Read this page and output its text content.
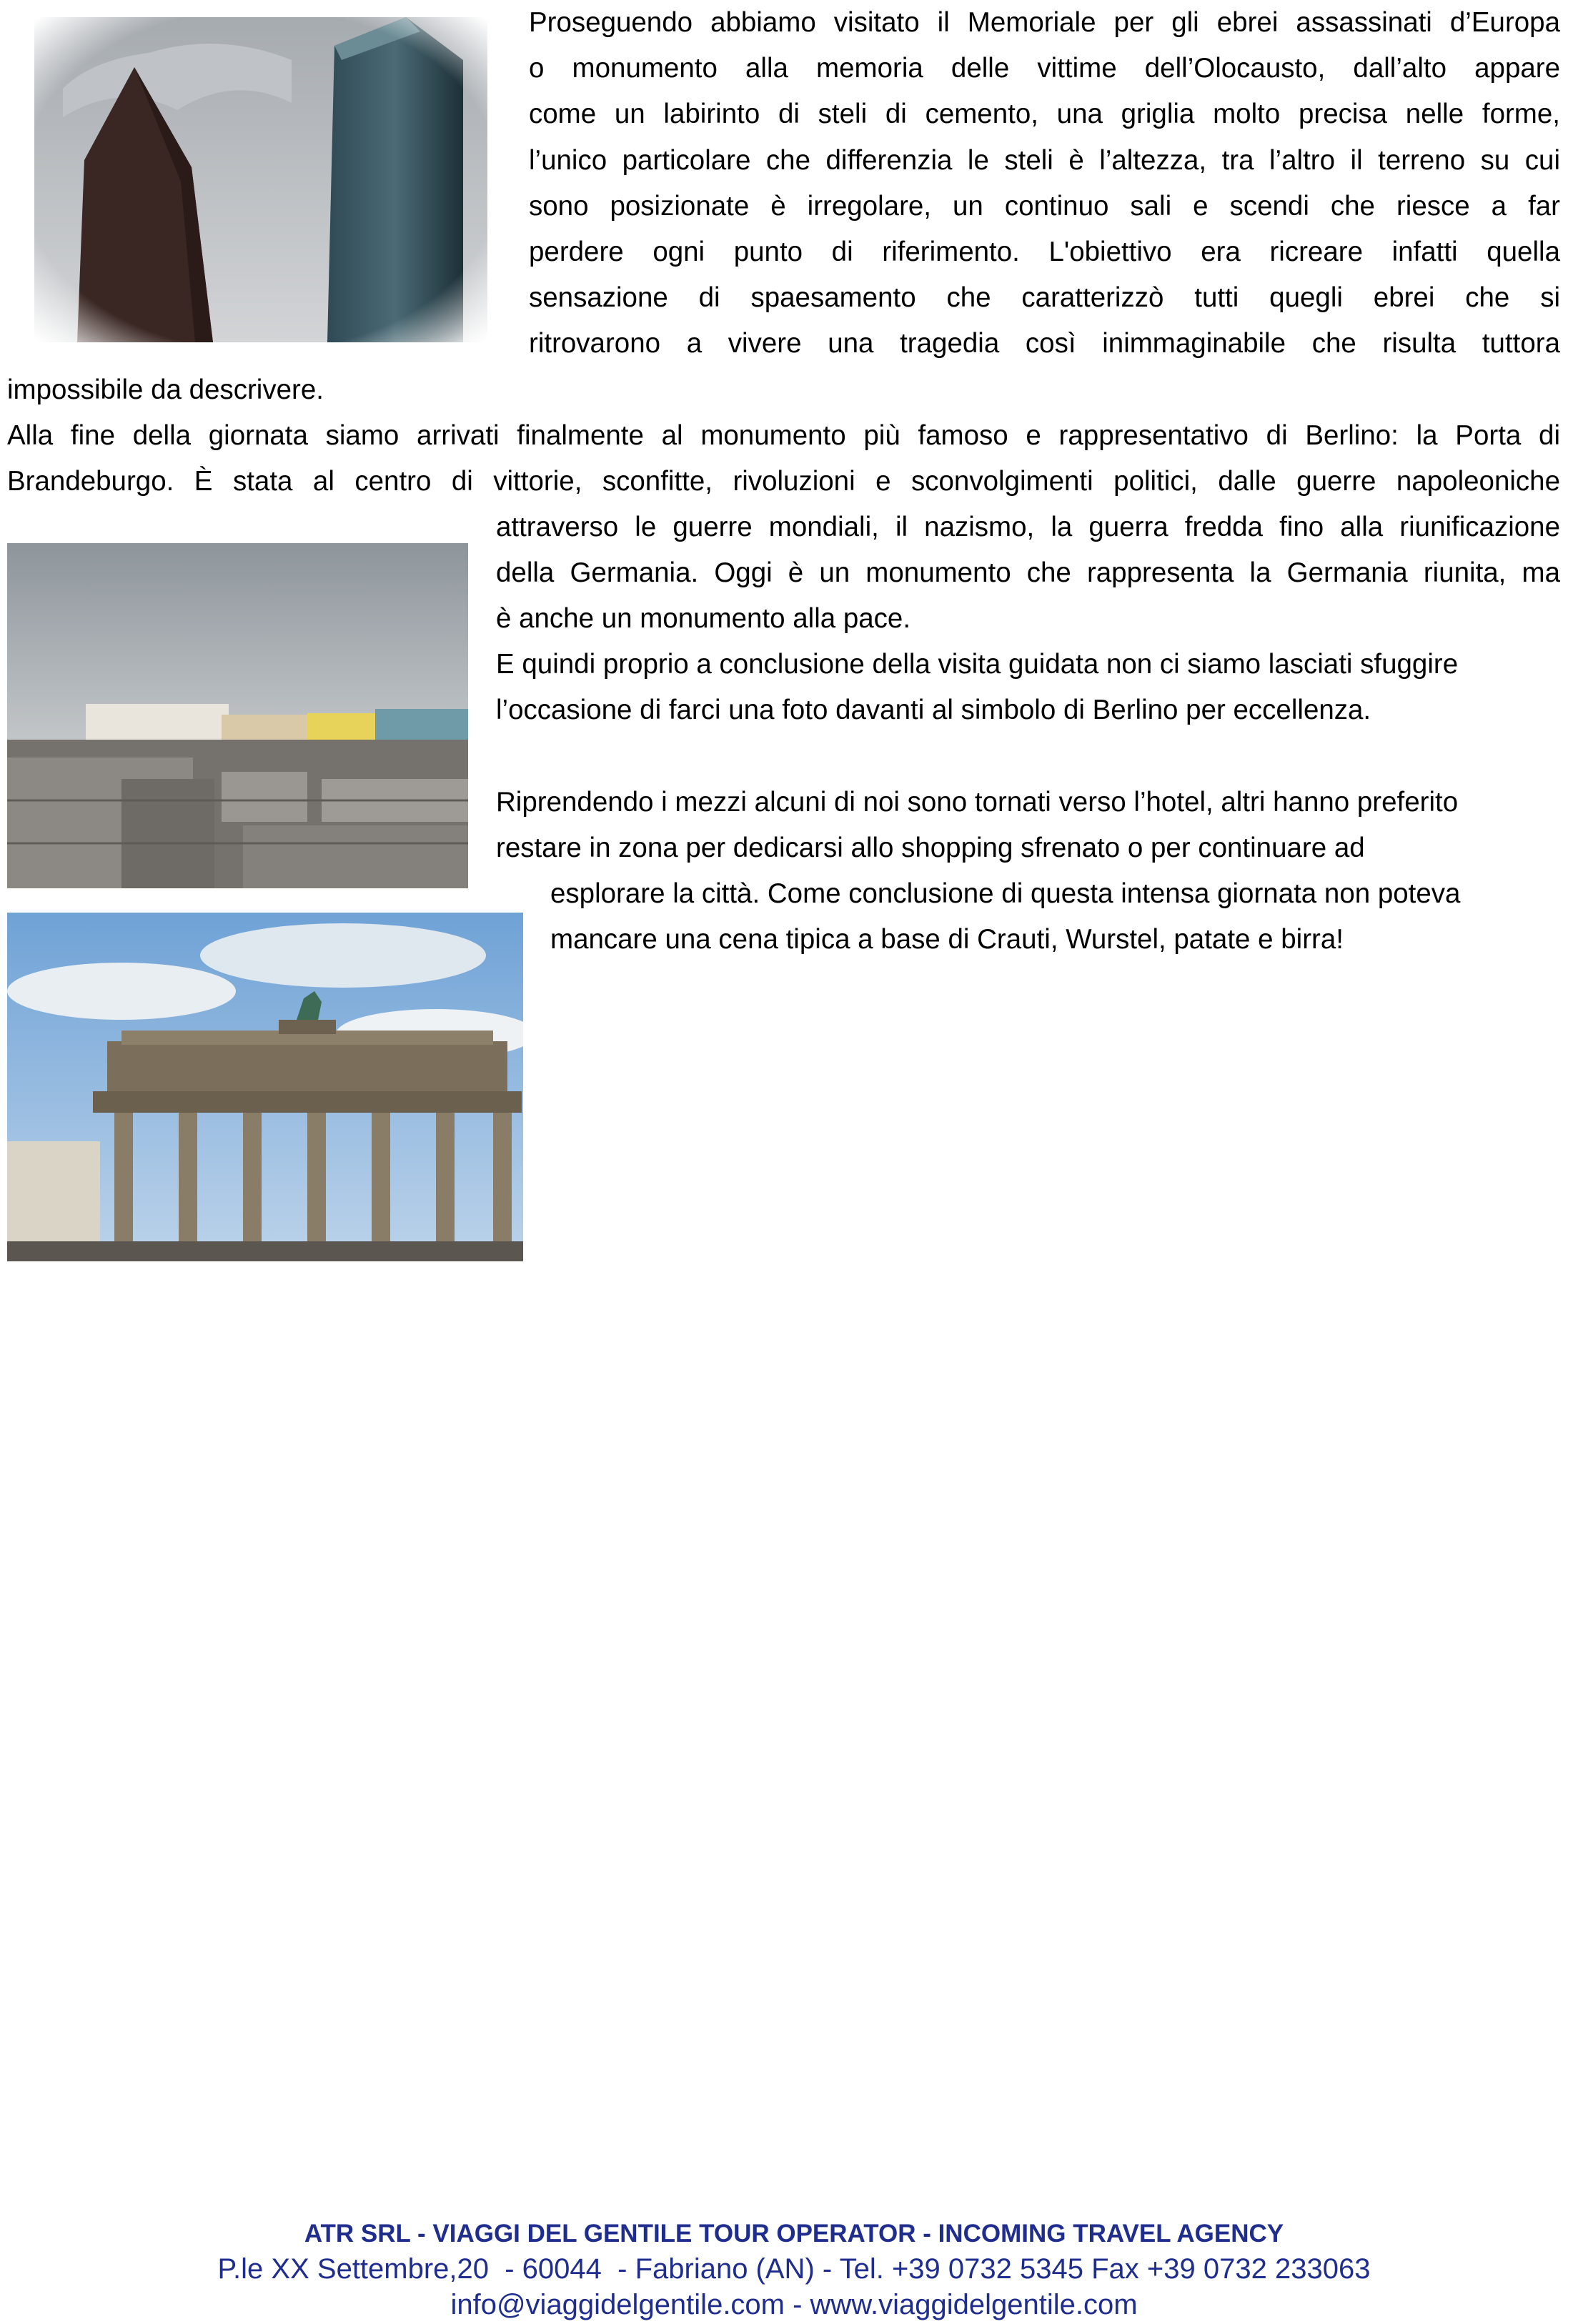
Proseguendo abbiamo visitato il Memoriale per gli ebrei assassinati d’Europa
o monumento alla memoria delle vittime dell’Olocausto, dall’alto appare
come un labirinto di steli di cemento, una griglia molto precisa nelle forme,
l’unico particolare che differenzia le steli è l’altezza, tra l’altro il terreno su cui
sono posizionate è irregolare, un continuo sali e scendi che riesce a far
perdere ogni punto di riferimento. L'obiettivo era ricreare infatti quella
sensazione di spaesamento che caratterizzò tutti quegli ebrei che si
ritrovarono a vivere una tragedia così inimmaginabile che risulta tuttora
impossibile da descrivere.
Alla fine della giornata siamo arrivati finalmente al monumento più famoso e rappresentativo di Berlino: la Porta di
Brandeburgo. È stata al centro di vittorie, sconfitte, rivoluzioni e sconvolgimenti politici, dalle guerre napoleoniche
attraverso le guerre mondiali, il nazismo, la guerra fredda fino alla riunificazione
della Germania. Oggi è un monumento che rappresenta la Germania riunita, ma
è anche un monumento alla pace.
E quindi proprio a conclusione della visita guidata non ci siamo lasciati sfuggire
l’occasione di farci una foto davanti al simbolo di Berlino per eccellenza.
Riprendendo i mezzi alcuni di noi sono tornati verso l’hotel, altri hanno preferito
restare in zona per dedicarsi allo shopping sfrenato o per continuare ad
esplorare la città. Come conclusione di questa intensa giornata non poteva
mancare una cena tipica a base di Crauti, Wurstel, patate e birra!
ATR SRL - VIAGGI DEL GENTILE TOUR OPERATOR - INCOMING TRAVEL AGENCY
P.le XX Settembre,20  - 60044  - Fabriano (AN) - Tel. +39 0732 5345 Fax +39 0732 233063
info@viaggidelgentile.com - www.viaggidelgentile.com
